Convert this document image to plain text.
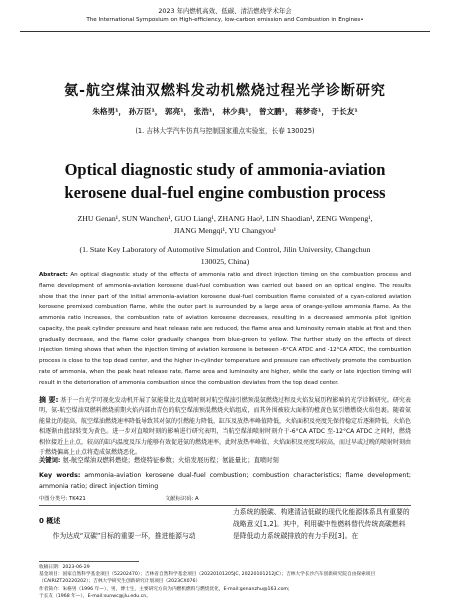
2023 年内燃机高效、低碳、清洁燃烧学术年会
The International Symposium on High-efficiency, low-carbon emission and Combustion in Engines•
氨-航空煤油双燃料发动机燃烧过程光学诊断研究
朱格男¹， 孙万臣¹， 郭亮¹， 张浩¹， 林少典¹， 曾文鹏¹， 蒋梦奇¹， 于长友¹
(1. 吉林大学汽车仿真与控制国家重点实验室，长春 130025)
Optical diagnostic study of ammonia-aviation
kerosene dual-fuel engine combustion process
ZHU Genan¹, SUN Wanchen¹, GUO Liang¹, ZHANG Hao¹, LIN Shaodian¹, ZENG Wenpeng¹,
JIANG Mengqi¹, YU Changyou¹
(1. State Key Laboratory of Automotive Simulation and Control, Jilin University, Changchun
130025, China)
Abstract: An optical diagnostic study of the effects of ammonia ratio and direct injection timing on the combustion process and flame development of ammonia-aviation kerosene dual-fuel combustion was carried out based on an optical engine. The results show that the inner part of the initial ammonia-aviation kerosene dual-fuel combustion flame consisted of a cyan-colored aviation kerosene premixed combustion flame, while the outer part is surrounded by a large area of orange-yellow ammonia flame. As the ammonia ratio increases, the combustion rate of aviation kerosene decreases, resulting in a decreased ammonia pilot ignition capacity, the peak cylinder pressure and heat release rate are reduced, the flame area and luminosity remain stable at first and then gradually decrease, and the flame color gradually changes from blue-green to yellow. The further study on the effects of direct injection timing shows that when the injection timing of aviation kerosene is between -6°CA ATDC and -12°CA ATDC, the combustion process is close to the top dead center, and the higher in-cylinder temperature and pressure can effectively promote the combustion rate of ammonia, when the peak heat release rate, flame area and luminosity are higher, while the early or late injection timing will result in the deterioration of ammonia combustion since the combustion deviates from the top dead center.
摘 要: 基于一台光学可视化发动机开展了氨能量比及直喷时刻对航空煤油引燃预混氨燃烧过程及火焰发展历程影响的光学诊断研究。研究表明，氨-航空煤油双燃料燃烧前期火焰内部由青色的航空煤油预混燃烧火焰组成，而其外围被较大面积的橙黄色氨引燃燃烧火焰包裹。随着氨能量比的提高，航空煤油燃烧速率降低导致其对氨的引燃能力降低，缸压及放热率峰值降低，火焰面积及亮度先保持稳定后逐渐降低，火焰色相逐渐由蓝绿转变为黄色。进一步对直喷时刻的影响进行研究表明，当航空煤油喷射时刻介于-6°CA ATDC 至-12°CA ATDC 之间时，燃烧相位接近上止点，较高的缸内温度及压力能够有效促进氨的燃烧速率，此时放热率峰值、火焰面积及亮度均较高，而过早或过晚的喷射时刻由于燃烧偏离上止点将造成氨燃烧恶化。
关键词: 氨-航空煤油双燃料燃烧；燃烧特征参数；火焰发展历程；氨能量比；直喷时刻
Key words: ammonia-aviation kerosene dual-fuel combustion; combustion characteristics; flame development; ammonia ratio; direct injection timing
中图分类号: TK421	文献标识码: A
0 概述
作为达成“双碳”目标的重要一环，推进能源与动
力系统的脱碳、构建清洁低碳的现代化能源体系具有重要的战略意义[1,2]。其中，利用碳中性燃料替代传统高碳燃料是降低动力系统碳排放的有力手段[3]。在

收稿日期：2023-06-29

基金项目：国家自然科学基金项目（52202470）；吉林省自然科学基金项目（20220101205JC, 20220101212JC）；吉林大学长沙汽车创新研究院自由探索项目（CAIRIZT20220202）；吉林大学研究生创新研究计划项目（2023CX076）

作者简介：朱格男（1996 年—），男，博士生，主要研究方向为内燃机燃料与燃烧优化，E-mail:genanzhu@163.com;

于长友（1968 年—），E-mail:sunwc@jlu.edu.cn。
